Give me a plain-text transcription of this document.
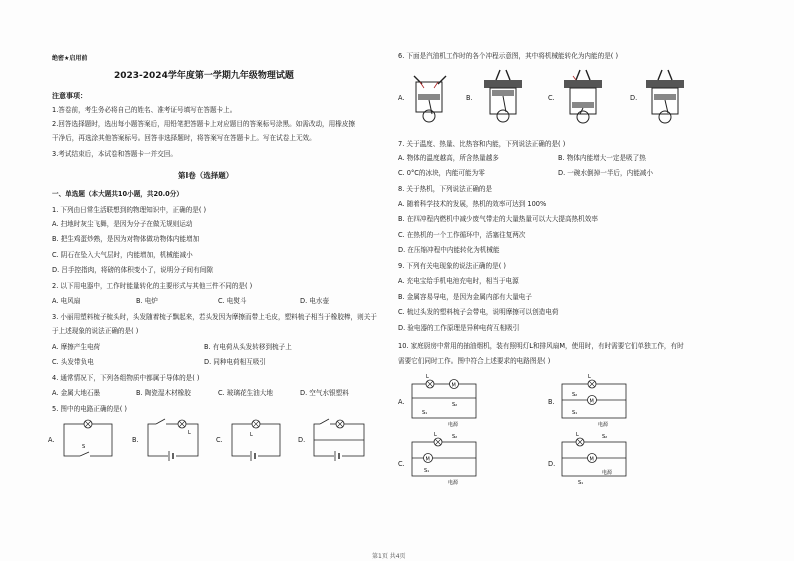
绝密★启用前
2023-2024学年度第一学期九年级物理试题
注意事项：
1.答卷前，考生务必将自己的姓名、准考证号填写在答题卡上。
2.回答选择题时，选出每小题答案后，用铅笔把答题卡上对应题目的答案标号涂黑。如需改动，用橡皮擦
干净后，再选涂其他答案标号。回答非选择题时，将答案写在答题卡上。写在试卷上无效。
3.考试结束后，本试卷和答题卡一并交回。
第I卷（选择题）
一、单选题（本大题共10小题，共20.0分）
1. 下列由日常生活联想到的物理知识中，正确的是( )
A. 扫地时灰尘飞舞，是因为分子在做无规则运动
B. 把生鸡蛋炒熟，是因为对物体做功物体内能增加
C. 阴石在坠入大气层时，内能增加，机械能减小
D. 吕手控指肉，将磅的体积变小了，说明分子间有间隙
2. 以下用电器中，工作时能量转化的主要形式与其他三件不同的是( )
A. 电风扇	B. 电炉	C. 电熨斗	D. 电水壶
3. 小丽用塑料梳子梳头时，头发随着梳子飘起来，若头发因为摩擦而带上毛皮，塑料梳子相当于橡胶棒，则关于
于上述现象的说法正确的是( )
A. 摩擦产生电荷	B. 有电荷从头发转移到梳子上
C. 头发带负电	D. 同种电荷相互吸引
4. 通常情况下，下列各组物质中都属于导体的是( )
A. 金属大地石墨	B. 陶瓷湿木材橡胶	C. 玻璃花生油大地	D. 空气水银塑料
5. 图中的电路正确的是( )
A.	B.	C.	D.
S
L	L
6. 下面是汽油机工作时的各个冲程示意图，其中将机械能转化为内能的是( )
A.	B.	C.	D.
7. 关于温度、热量、比热容和内能，下列说法正确的是( )
A. 物体的温度越高，所含热量越多	B. 物体内能增大一定是吸了热
C. 0°C的冰块，内能可能为零	D. 一碗水倒掉一半后，内能减小
8. 关于热机，下列说法正确的是
A. 随着科学技术的发展，热机的效率可达到 100%
B. 在四冲程内燃机中减少废气带走的大量热量可以大大提高热机效率
C. 在热机的一个工作循环中，活塞往复两次
D. 在压缩冲程中内能转化为机械能
9. 下列有关电现象的说法正确的是( )
A. 充电宝给手机电池充电时，相当于电源
B. 金属容易导电，是因为金属内部有大量电子
C. 梳过头发的塑料梳子会带电，说明摩擦可以创造电荷
D. 验电器的工作原理是异种电荷互相吸引
10. 家庭厨房中常用的抽油烟机，装有照明灯L和排风扇M，使用时，有时需要它们单独工作，有时
需要它们同时工作。图中符合上述要求的电路图是( )
A.	B.
C.	D.
M
L
S₂
S₁
电源
M
L
S₂
S₁
电源
M
L	S₂
S₁
电源
M
L	S₂
S₁
电源
第1页 共4页
